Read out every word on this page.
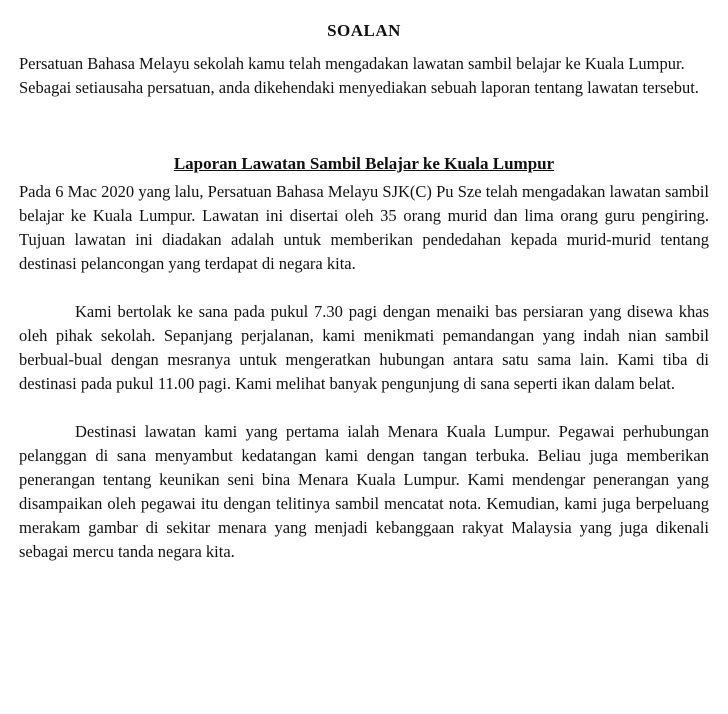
SOALAN

Persatuan Bahasa Melayu sekolah kamu telah mengadakan lawatan sambil belajar ke Kuala Lumpur. Sebagai setiausaha persatuan, anda dikehendaki menyediakan sebuah laporan tentang lawatan tersebut.

Laporan Lawatan Sambil Belajar ke Kuala Lumpur

Pada 6 Mac 2020 yang lalu, Persatuan Bahasa Melayu SJK(C) Pu Sze telah mengadakan lawatan sambil belajar ke Kuala Lumpur. Lawatan ini disertai oleh 35 orang murid dan lima orang guru pengiring. Tujuan lawatan ini diadakan adalah untuk memberikan pendedahan kepada murid-murid tentang destinasi pelancongan yang terdapat di negara kita.

Kami bertolak ke sana pada pukul 7.30 pagi dengan menaiki bas persiaran yang disewa khas oleh pihak sekolah. Sepanjang perjalanan, kami menikmati pemandangan yang indah nian sambil berbual-bual dengan mesranya untuk mengeratkan hubungan antara satu sama lain. Kami tiba di destinasi pada pukul 11.00 pagi. Kami melihat banyak pengunjung di sana seperti ikan dalam belat.

Destinasi lawatan kami yang pertama ialah Menara Kuala Lumpur. Pegawai perhubungan pelanggan di sana menyambut kedatangan kami dengan tangan terbuka. Beliau juga memberikan penerangan tentang keunikan seni bina Menara Kuala Lumpur. Kami mendengar penerangan yang disampaikan oleh pegawai itu dengan telitinya sambil mencatat nota. Kemudian, kami juga berpeluang merakam gambar di sekitar menara yang menjadi kebanggaan rakyat Malaysia yang juga dikenali sebagai mercu tanda negara kita.
